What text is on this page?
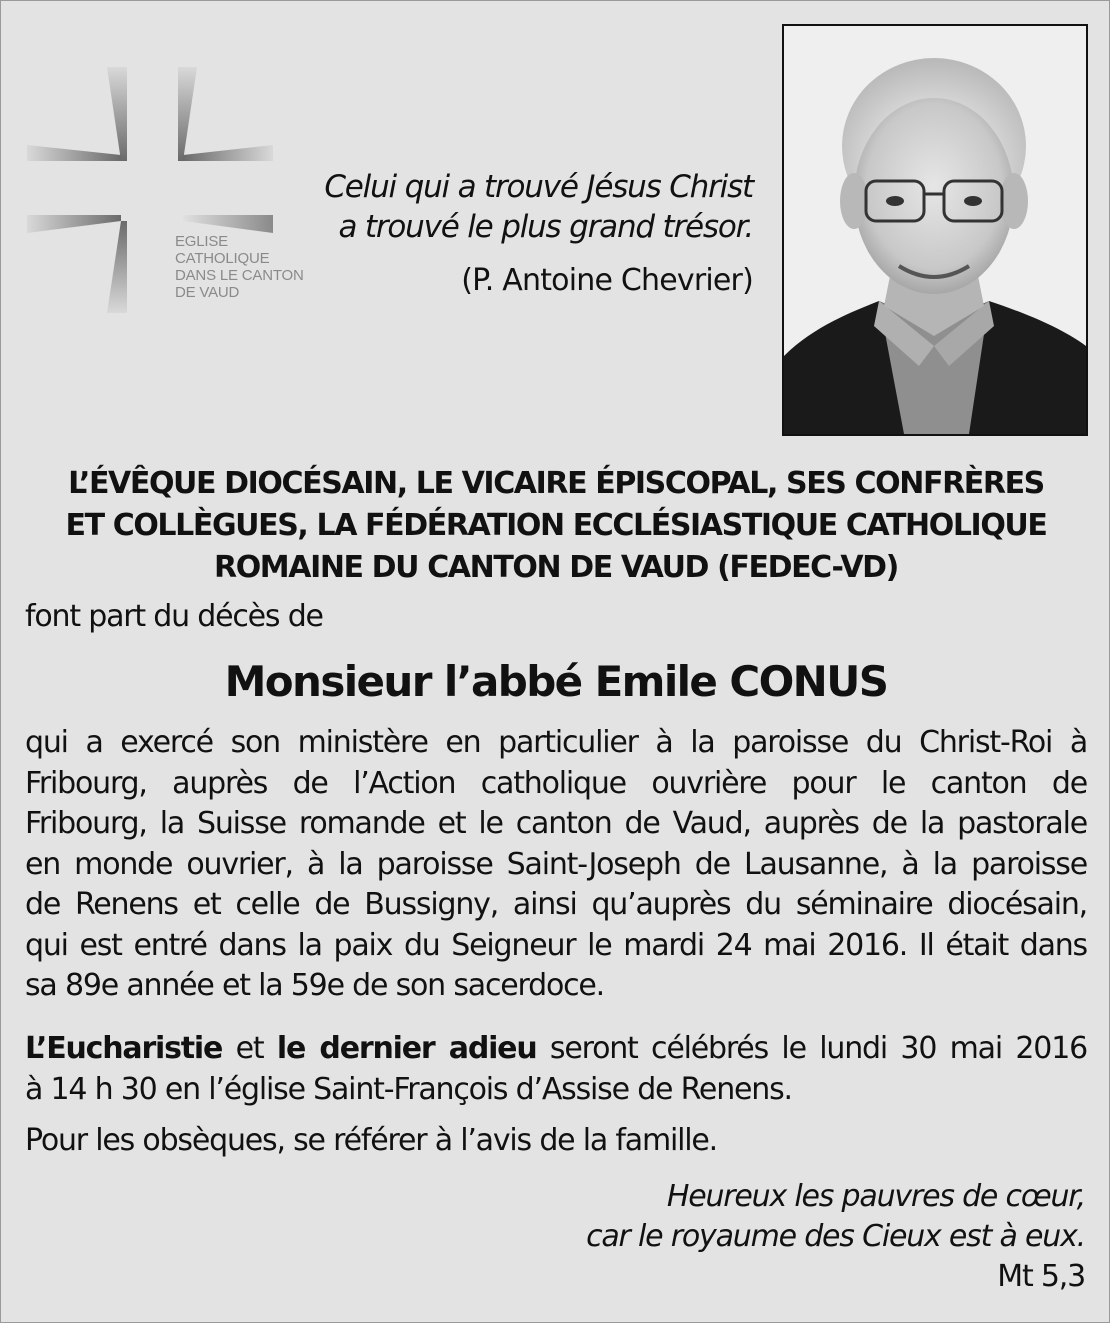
EGLISE
CATHOLIQUE
DANS LE CANTON
DE VAUD
Celui qui a trouvé Jésus Christ
a trouvé le plus grand trésor.
(P. Antoine Chevrier)
L’ÉVÊQUE DIOCÉSAIN, LE VICAIRE ÉPISCOPAL, SES CONFRÈRES
ET COLLÈGUES, LA FÉDÉRATION ECCLÉSIASTIQUE CATHOLIQUE
ROMAINE DU CANTON DE VAUD (FEDEC-VD)
font part du décès de
Monsieur l’abbé Emile CONUS
qui a exercé son ministère en particulier à la paroisse du Christ-Roi à
Fribourg, auprès de l’Action catholique ouvrière pour le canton de
Fribourg, la Suisse romande et le canton de Vaud, auprès de la pastorale
en monde ouvrier, à la paroisse Saint-Joseph de Lausanne, à la paroisse
de Renens et celle de Bussigny, ainsi qu’auprès du séminaire diocésain,
qui est entré dans la paix du Seigneur le mardi 24 mai 2016. Il était dans
sa 89e année et la 59e de son sacerdoce.
L’Eucharistie et le dernier adieu seront célébrés le lundi 30 mai 2016
à 14 h 30 en l’église Saint-François d’Assise de Renens.
Pour les obsèques, se référer à l’avis de la famille.
Heureux les pauvres de cœur,
car le royaume des Cieux est à eux.
Mt 5,3
